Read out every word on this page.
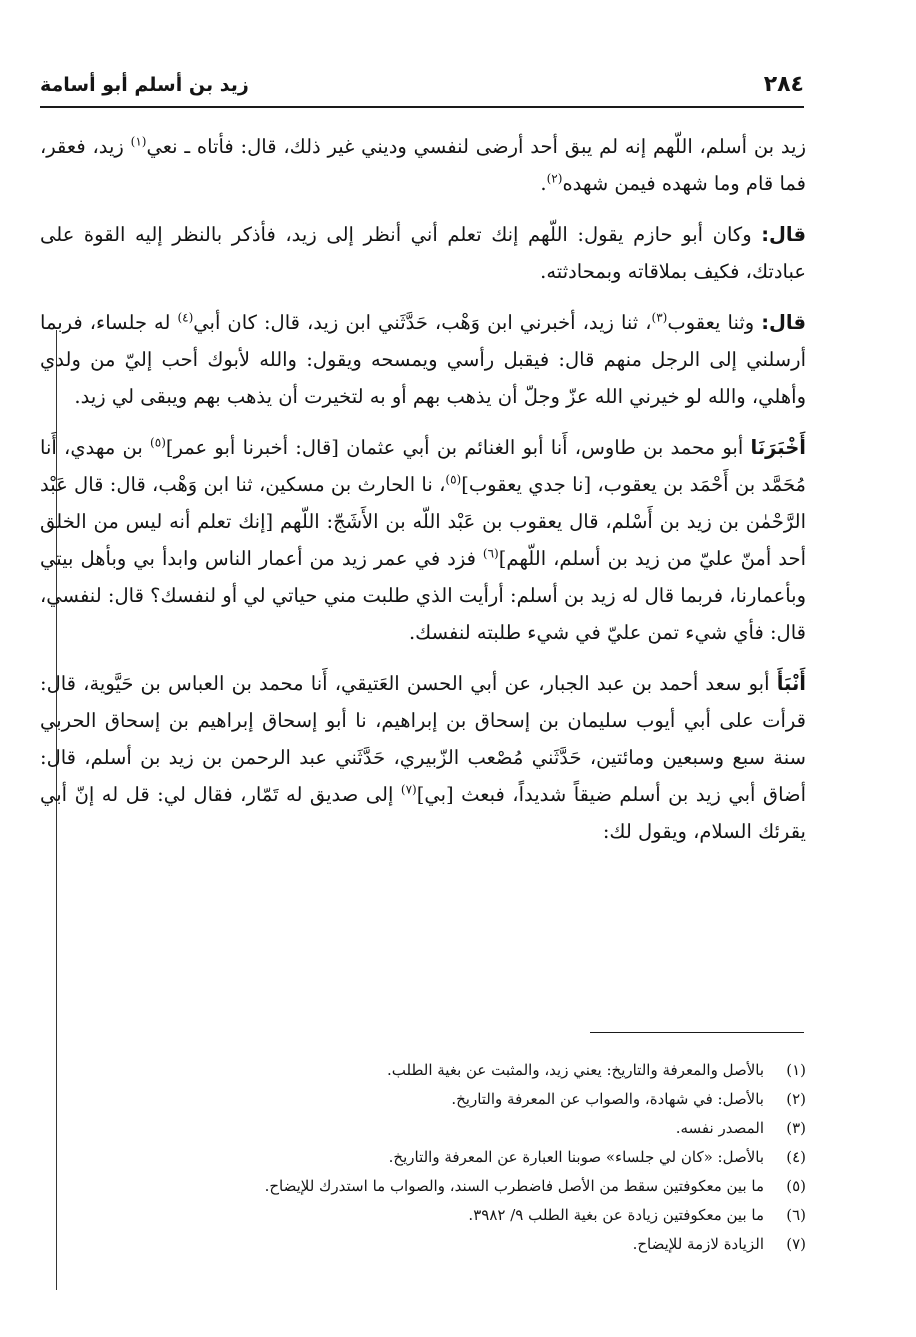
٢٨٤
زيد بن أسلم أبو أسامة

زيد بن أسلم، اللّهم إنه لم يبق أحد أرضى لنفسي وديني غير ذلك، قال: فأتاه ـ نعي$^{(١)}$ زيد، فعقر، فما قام وما شهده فيمن شهده$^{(٢)}$.

قال: وكان أبو حازم يقول: اللّهم إنك تعلم أني أنظر إلى زيد، فأذكر بالنظر إليه القوة على عبادتك، فكيف بملاقاته وبمحادثته.

قال: وثنا يعقوب$^{(٣)}$، ثنا زيد، أخبرني ابن وَهْب، حَدَّثَني ابن زيد، قال: كان أبي$^{(٤)}$ له جلساء، فربما أرسلني إلى الرجل منهم قال: فيقبل رأسي ويمسحه ويقول: والله لأبوك أحب إليّ من ولدي وأهلي، والله لو خيرني الله عزّ وجلّ أن يذهب بهم أو به لتخيرت أن يذهب بهم ويبقى لي زيد.

أَخْبَرَنَا أبو محمد بن طاوس، أَنا أبو الغنائم بن أبي عثمان [قال: أخبرنا أبو عمر]$^{(٥)}$ بن مهدي، أَنا مُحَمَّد بن أَحْمَد بن يعقوب، [نا جدي يعقوب]$^{(٥)}$، نا الحارث بن مسكين، ثنا ابن وَهْب، قال: قال عَبْد الرَّحْمٰن بن زيد بن أَسْلم، قال يعقوب بن عَبْد اللّه بن الأَشَجّ: اللّهم [إنك تعلم أنه ليس من الخلق أحد أمنّ عليّ من زيد بن أسلم، اللّهم]$^{(٦)}$ فزد في عمر زيد من أعمار الناس وابدأ بي وبأهل بيتي وبأعمارنا، فربما قال له زيد بن أسلم: أرأيت الذي طلبت مني حياتي لي أو لنفسك؟ قال: لنفسي، قال: فأي شيء تمن عليّ في شيء طلبته لنفسك.

أَنْبَأَ أبو سعد أحمد بن عبد الجبار، عن أبي الحسن العَتيقي، أَنا محمد بن العباس بن حَيَّوية، قال: قرأت على أبي أيوب سليمان بن إسحاق بن إبراهيم، نا أبو إسحاق إبراهيم بن إسحاق الحربي سنة سبع وسبعين ومائتين، حَدَّثَني مُصْعب الزّبيري، حَدَّثَني عبد الرحمن بن زيد بن أسلم، قال: أضاق أبي زيد بن أسلم ضيقاً شديداً، فبعث [بي]$^{(٧)}$ إلى صديق له تَمّار، فقال لي: قل له إنّ أبي يقرئك السلام، ويقول لك:

(١)
بالأصل والمعرفة والتاريخ: يعني زيد، والمثبت عن بغية الطلب.
(٢)
بالأصل: في شهادة، والصواب عن المعرفة والتاريخ.
(٣)
المصدر نفسه.
(٤)
بالأصل: «كان لي جلساء» صوبنا العبارة عن المعرفة والتاريخ.
(٥)
ما بين معكوفتين سقط من الأصل فاضطرب السند، والصواب ما استدرك للإيضاح.
(٦)
ما بين معكوفتين زيادة عن بغية الطلب ٩/ ٣٩٨٢.
(٧)
الزيادة لازمة للإيضاح.
